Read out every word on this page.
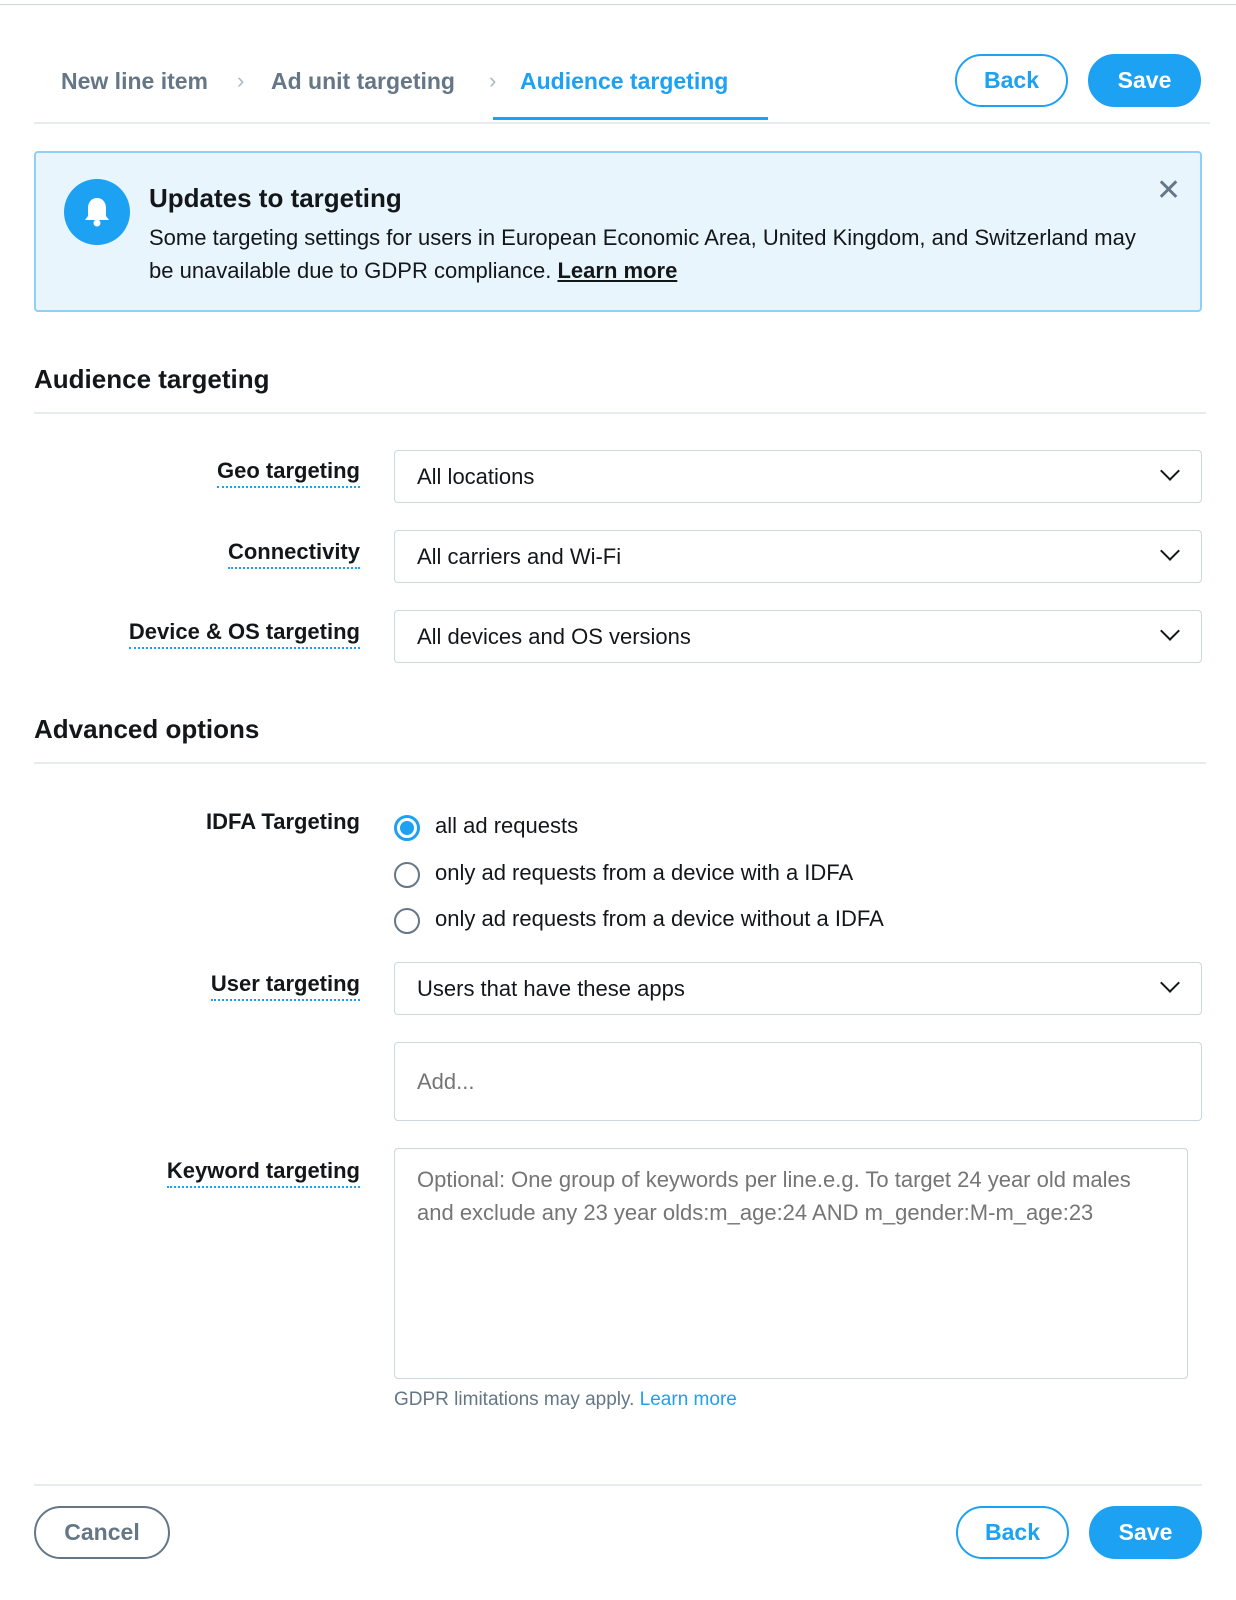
New line item › Ad unit targeting › Audience targeting	Back	Save
Updates to targeting
Some targeting settings for users in European Economic Area, United Kingdom, and Switzerland may be unavailable due to GDPR compliance. Learn more
✕
Audience targeting
Geo targeting	All locations
Connectivity	All carriers and Wi-Fi
Device & OS targeting	All devices and OS versions
Advanced options
IDFA Targeting	all ad requests
only ad requests from a device with a IDFA
only ad requests from a device without a IDFA
User targeting	Users that have these apps
Add...
Keyword targeting
Optional: One group of keywords per line.e.g. To target 24 year old males and exclude any 23 year olds:m_age:24 AND m_gender:M-m_age:23
GDPR limitations may apply. Learn more
Cancel	Back	Save
